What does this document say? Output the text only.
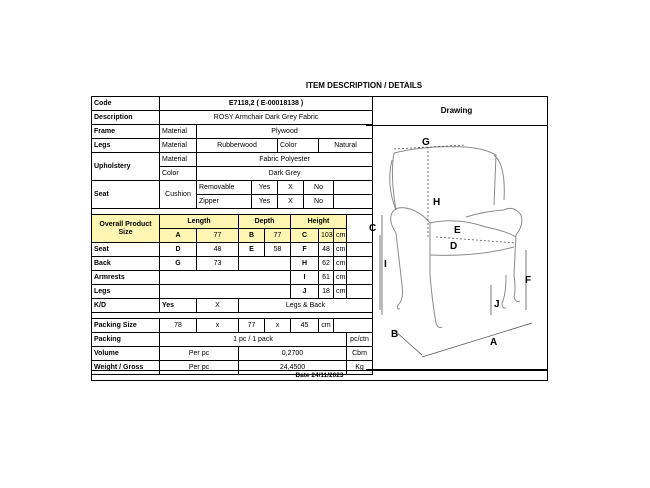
ITEM DESCRIPTION / DETAILS
Code	E7118,2 ( E-00018138 )										
Description	ROSY Armchair Dark Grey Fabric										
Frame	Material	Plywood									
Legs	Material	Rubberwood				Color			Natural		
Upholstery	Material	Fabric Polyester									
	Color	Dark Grey									
Seat	Cushion	Removable		Yes		X		No			
		Zipper		Yes		X		No			

Overall Product Size	Length		Depth				Height				
	A	77	B		77		C		103	cm	
Seat	D	48	E		58		F		48	cm	
Back	G	73					H		62	cm	
Armrests							I		61	cm	
Legs							J		18	cm	
K/D	Yes	X	Legs & Back								

Packing Size	78	x	77		x		45		cm		
Packing	1 pc / 1 pack										pc/ctn
Volume	Per pc		0,2700								Cbm
Weight / Gross	Per pc		24,4500								Kg
Drawing
G
H
E
D
C
I
F
J
B
A
Date 24/11/2023
